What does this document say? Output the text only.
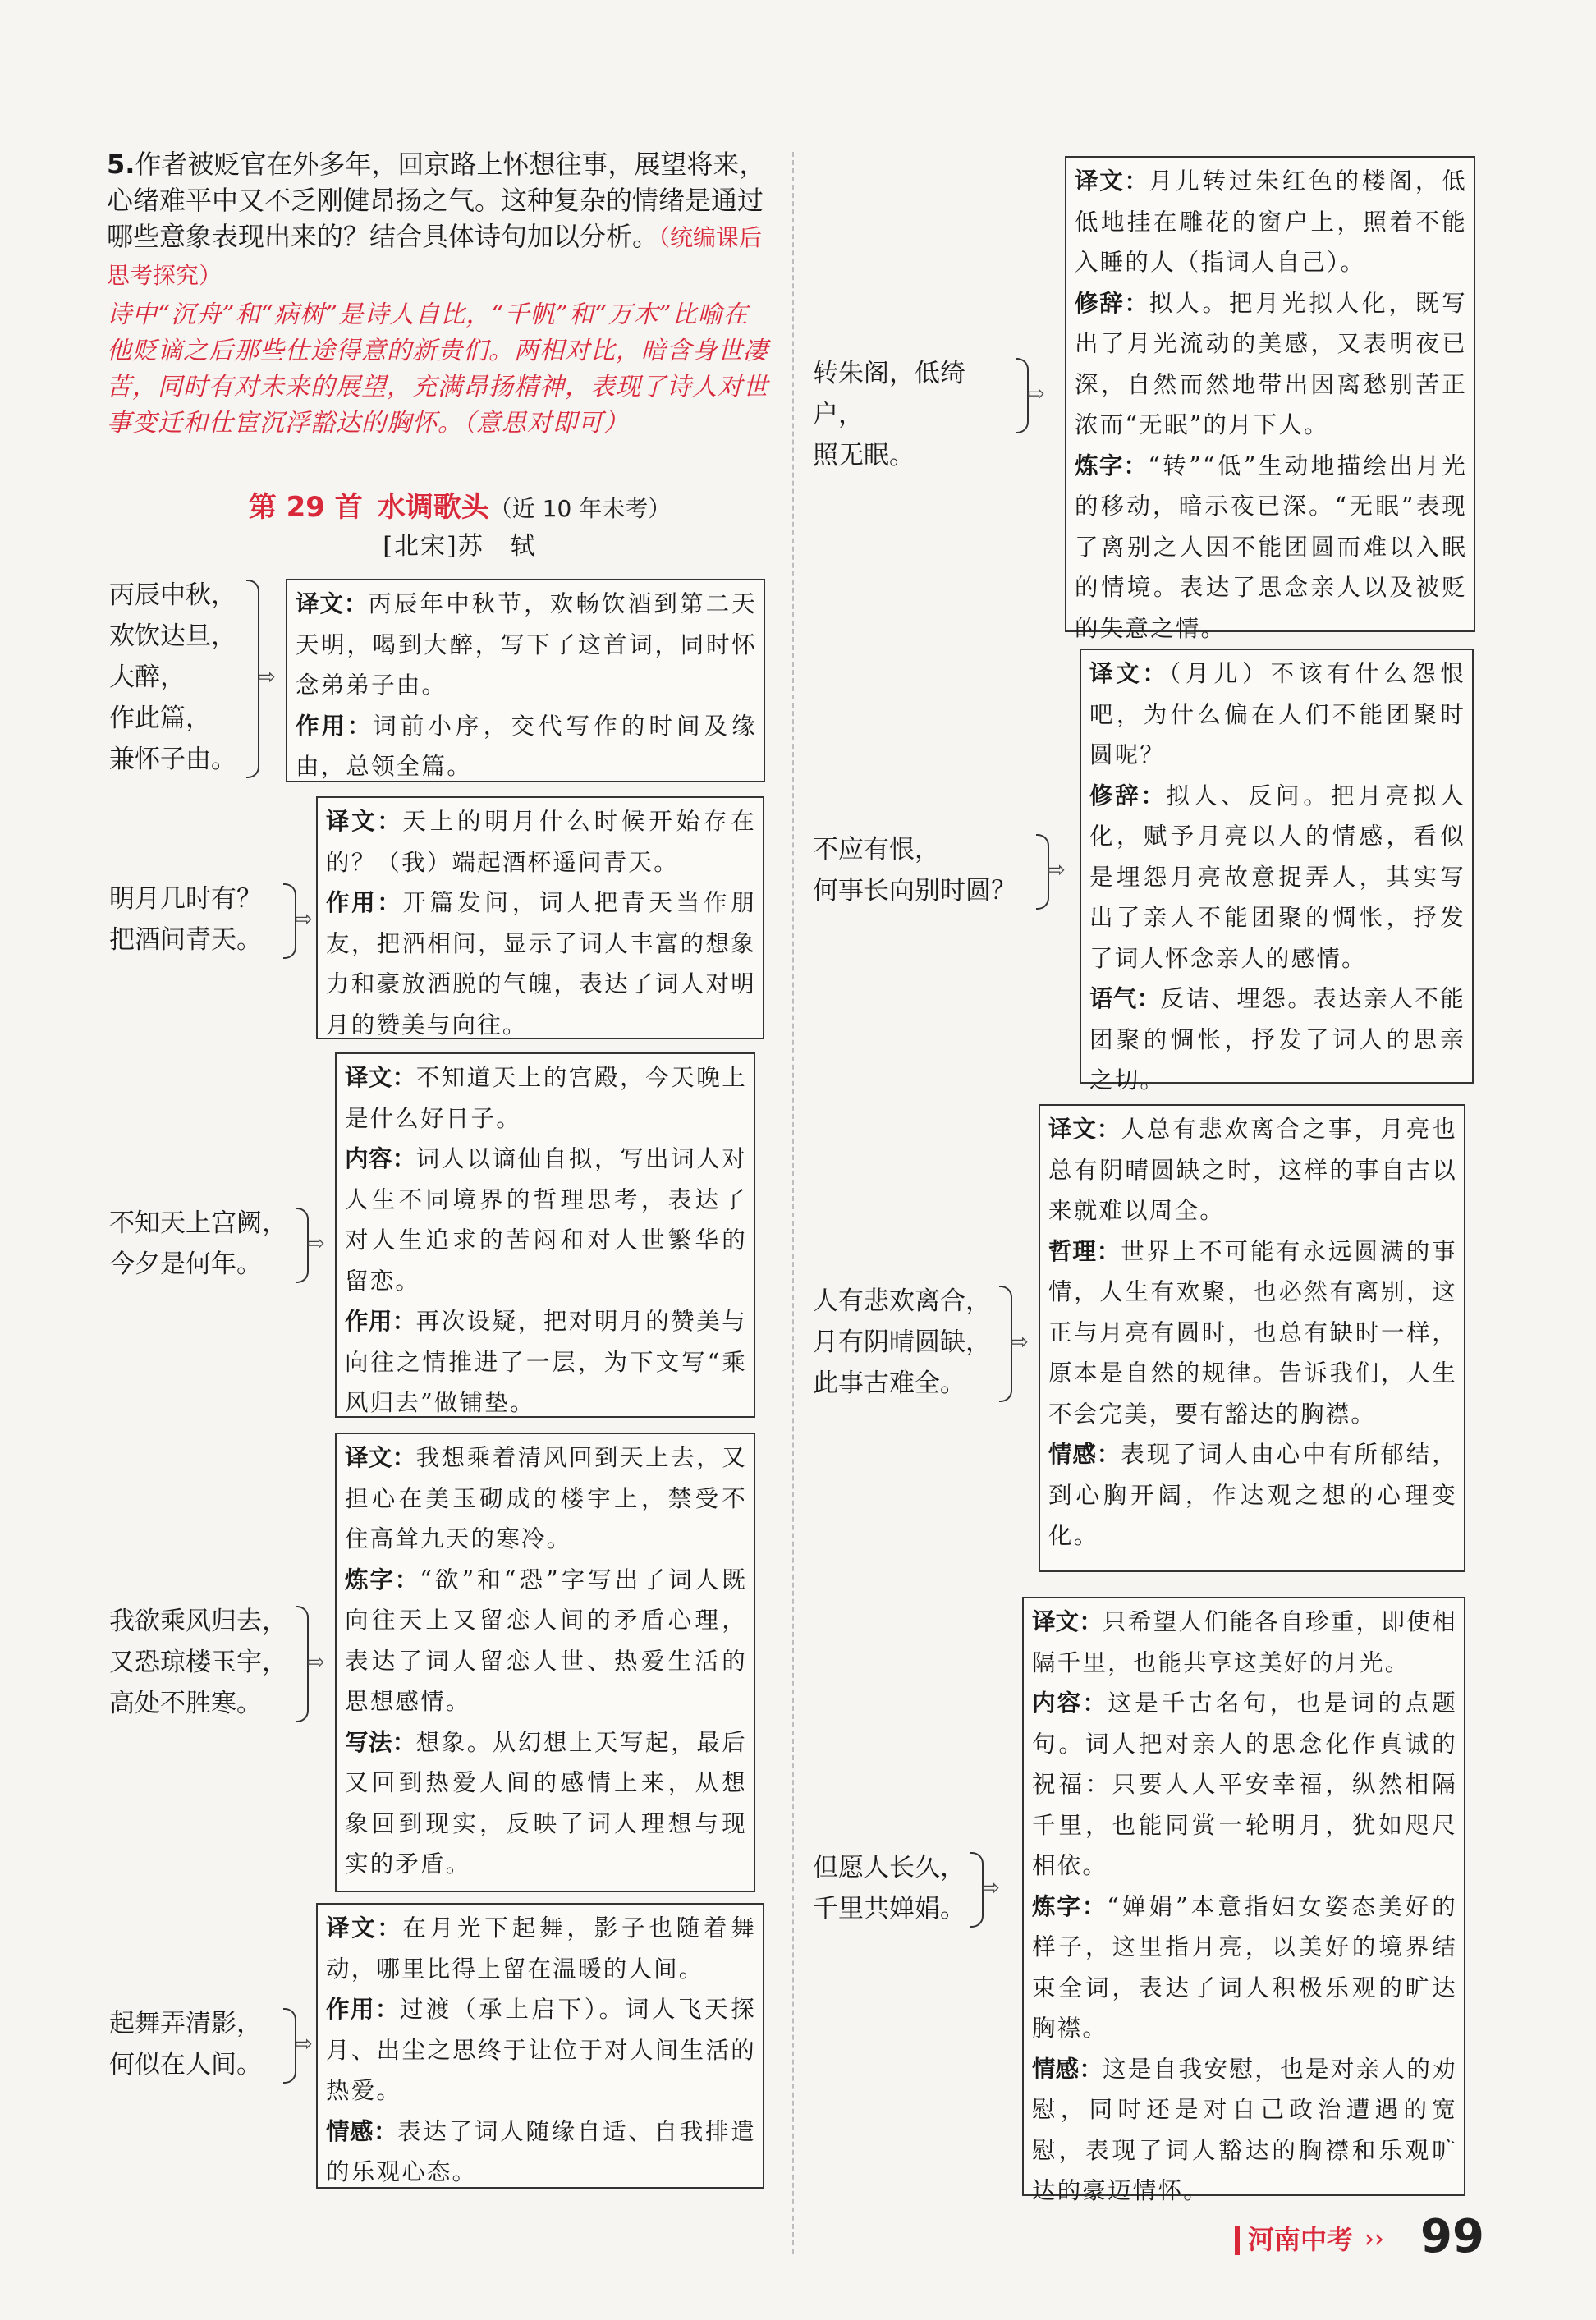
5.作者被贬官在外多年，回京路上怀想往事，展望将来，心绪难平中又不乏刚健昂扬之气。这种复杂的情绪是通过哪些意象表现出来的？结合具体诗句加以分析。（统编课后思考探究）
诗中“沉舟”和“病树”是诗人自比，“千帆”和“万木”比喻在他贬谪之后那些仕途得意的新贵们。两相对比，暗含身世凄苦，同时有对未来的展望，充满昂扬精神，表现了诗人对世事变迁和仕宦沉浮豁达的胸怀。（意思对即可）
第 29 首 水调歌头（近 10 年未考）
[北宋]苏　轼
丙辰中秋，
欢饮达旦，
大醉，
作此篇，
兼怀子由。
⇨
译文：丙辰年中秋节，欢畅饮酒到第二天天明，喝到大醉，写下了这首词，同时怀念弟弟子由。
作用：词前小序，交代写作的时间及缘由，总领全篇。
明月几时有？
把酒问青天。
⇨
译文：天上的明月什么时候开始存在的？（我）端起酒杯遥问青天。
作用：开篇发问，词人把青天当作朋友，把酒相问，显示了词人丰富的想象力和豪放洒脱的气魄，表达了词人对明月的赞美与向往。
不知天上宫阙，
今夕是何年。
⇨
译文：不知道天上的宫殿，今天晚上是什么好日子。
内容：词人以谪仙自拟，写出词人对人生不同境界的哲理思考，表达了对人生追求的苦闷和对人世繁华的留恋。
作用：再次设疑，把对明月的赞美与向往之情推进了一层，为下文写“乘风归去”做铺垫。
我欲乘风归去，
又恐琼楼玉宇，
高处不胜寒。
⇨
译文：我想乘着清风回到天上去，又担心在美玉砌成的楼宇上，禁受不住高耸九天的寒冷。
炼字：“欲”和“恐”字写出了词人既向往天上又留恋人间的矛盾心理，表达了词人留恋人世、热爱生活的思想感情。
写法：想象。从幻想上天写起，最后又回到热爱人间的感情上来，从想象回到现实，反映了词人理想与现实的矛盾。
起舞弄清影，
何似在人间。
⇨
译文：在月光下起舞，影子也随着舞动，哪里比得上留在温暖的人间。
作用：过渡（承上启下）。词人飞天探月、出尘之思终于让位于对人间生活的热爱。
情感：表达了词人随缘自适、自我排遣的乐观心态。
转朱阁，低绮户，
照无眠。
⇨
译文：月儿转过朱红色的楼阁，低低地挂在雕花的窗户上，照着不能入睡的人（指词人自己）。
修辞：拟人。把月光拟人化，既写出了月光流动的美感，又表明夜已深，自然而然地带出因离愁别苦正浓而“无眠”的月下人。
炼字：“转”“低”生动地描绘出月光的移动，暗示夜已深。“无眠”表现了离别之人因不能团圆而难以入眠的情境。表达了思念亲人以及被贬的失意之情。
不应有恨，
何事长向别时圆？
⇨
译文：（月儿）不该有什么怨恨吧，为什么偏在人们不能团聚时圆呢？
修辞：拟人、反问。把月亮拟人化，赋予月亮以人的情感，看似是埋怨月亮故意捉弄人，其实写出了亲人不能团聚的惆怅，抒发了词人怀念亲人的感情。
语气：反诘、埋怨。表达亲人不能团聚的惆怅，抒发了词人的思亲之切。
人有悲欢离合，
月有阴晴圆缺，
此事古难全。
⇨
译文：人总有悲欢离合之事，月亮也总有阴晴圆缺之时，这样的事自古以来就难以周全。
哲理：世界上不可能有永远圆满的事情，人生有欢聚，也必然有离别，这正与月亮有圆时，也总有缺时一样，原本是自然的规律。告诉我们，人生不会完美，要有豁达的胸襟。
情感：表现了词人由心中有所郁结，到心胸开阔，作达观之想的心理变化。
但愿人长久，
千里共婵娟。
⇨
译文：只希望人们能各自珍重，即使相隔千里，也能共享这美好的月光。
内容：这是千古名句，也是词的点题句。词人把对亲人的思念化作真诚的祝福：只要人人平安幸福，纵然相隔千里，也能同赏一轮明月，犹如咫尺相依。
炼字：“婵娟”本意指妇女姿态美好的样子，这里指月亮，以美好的境界结束全词，表达了词人积极乐观的旷达胸襟。
情感：这是自我安慰，也是对亲人的劝慰，同时还是对自己政治遭遇的宽慰，表现了词人豁达的胸襟和乐观旷达的豪迈情怀。
河南中考 ›› 99
